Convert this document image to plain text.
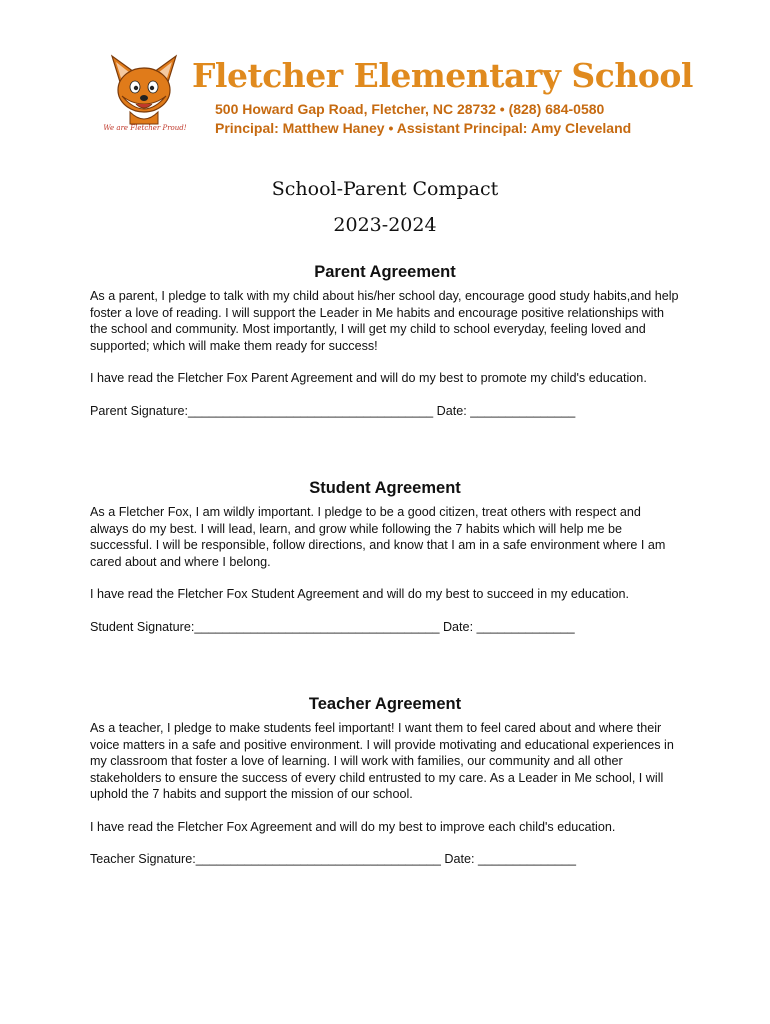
We are Fletcher Proud!
Fletcher Elementary School
500 Howard Gap Road, Fletcher, NC 28732 • (828) 684-0580
Principal: Matthew Haney • Assistant Principal: Amy Cleveland
School-Parent Compact
2023-2024
Parent Agreement

As a parent, I pledge to talk with my child about his/her school day, encourage good study habits,and help foster a love of reading. I will support the Leader in Me habits and encourage positive relationships with the school and community. Most importantly, I will get my child to school everyday, feeling loved and supported; which will make them ready for success!

I have read the Fletcher Fox Parent Agreement and will do my best to promote my child's education.

Parent Signature:___________________________________ Date: _______________

Student Agreement

As a Fletcher Fox, I am wildly important. I pledge to be a good citizen, treat others with respect and always do my best. I will lead, learn, and grow while following the 7 habits which will help me be successful. I will be responsible, follow directions, and know that I am in a safe environment where I am cared about and where I belong.

I have read the Fletcher Fox Student Agreement and will do my best to succeed in my education.

Student Signature:___________________________________ Date: ______________

Teacher Agreement

As a teacher, I pledge to make students feel important! I want them to feel cared about and where their voice matters in a safe and positive environment. I will provide motivating and educational experiences in my classroom that foster a love of learning. I will work with families, our community and all other stakeholders to ensure the success of every child entrusted to my care. As a Leader in Me school, I will uphold the 7 habits and support the mission of our school.

I have read the Fletcher Fox Agreement and will do my best to improve each child's education.

Teacher Signature:___________________________________ Date: ______________
